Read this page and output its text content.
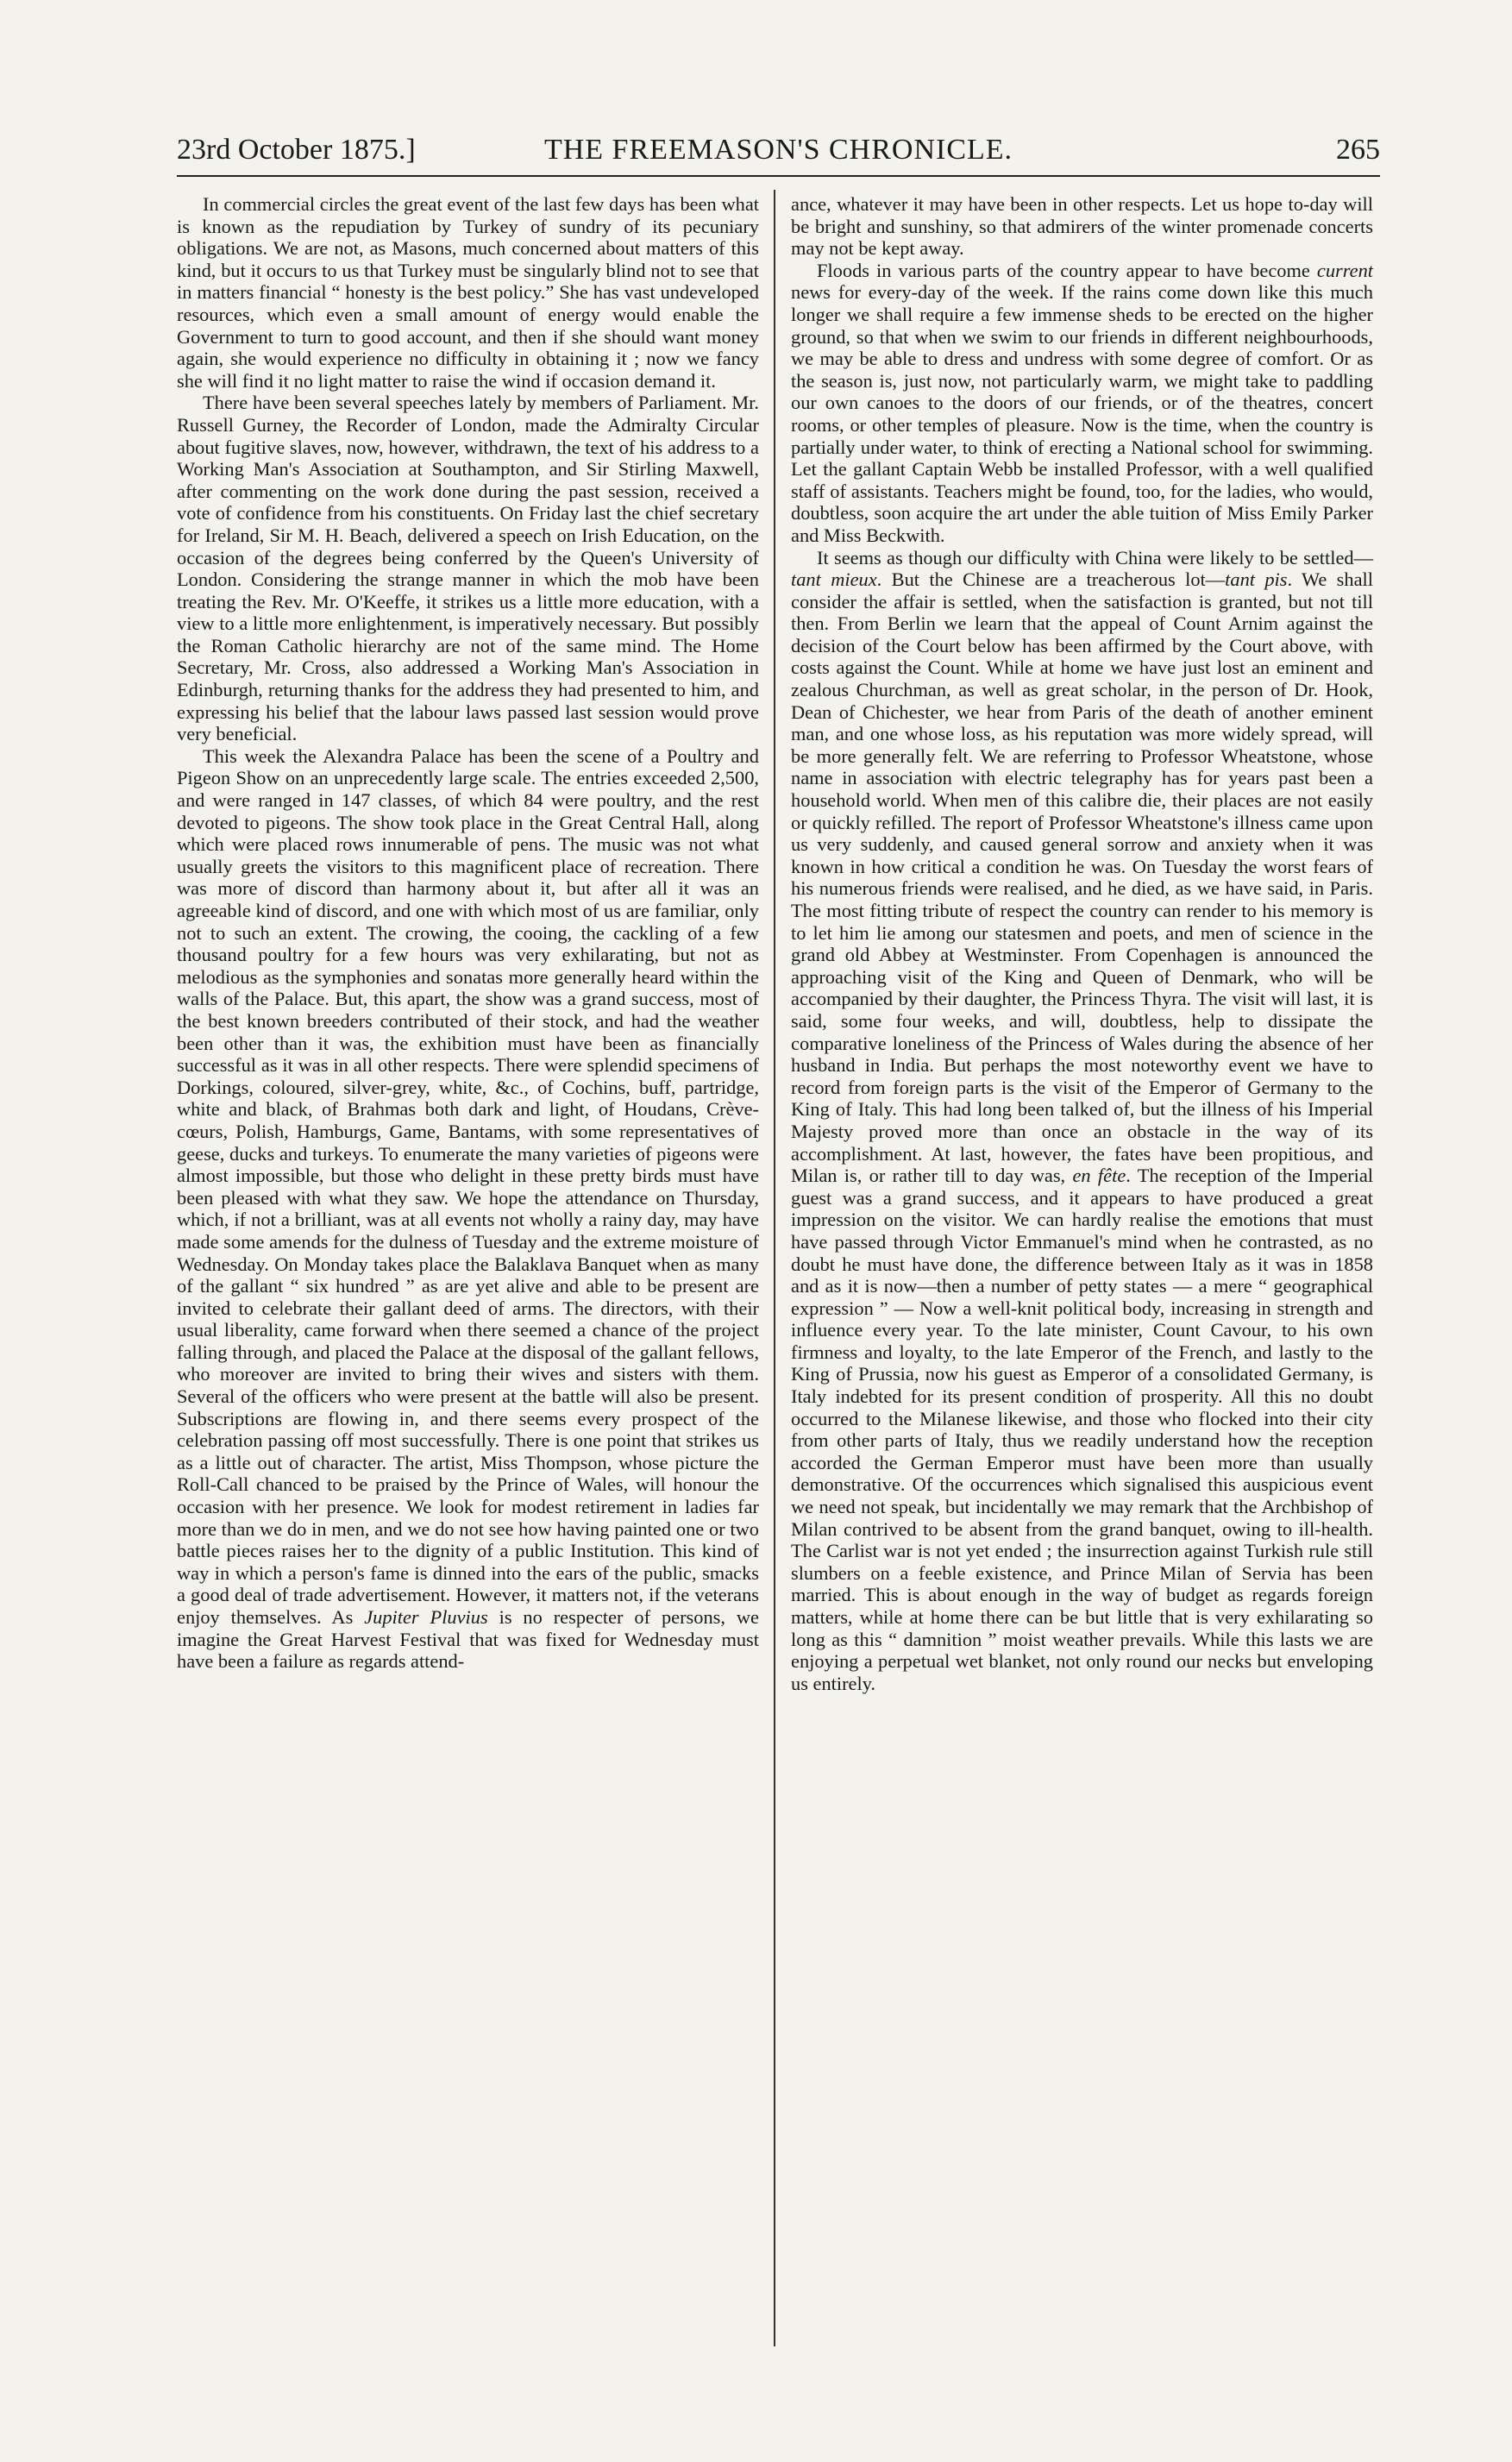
23rd October 1875.]	THE FREEMASON'S CHRONICLE.	265

In commercial circles the great event of the last few days has been what is known as the repudiation by Turkey of sundry of its pecuniary obligations. We are not, as Masons, much concerned about matters of this kind, but it occurs to us that Turkey must be singularly blind not to see that in matters financial “ honesty is the best policy.” She has vast undeveloped resources, which even a small amount of energy would enable the Government to turn to good account, and then if she should want money again, she would experience no difficulty in obtaining it ; now we fancy she will find it no light matter to raise the wind if occasion demand it.

There have been several speeches lately by members of Parliament. Mr. Russell Gurney, the Recorder of London, made the Admiralty Circular about fugitive slaves, now, however, withdrawn, the text of his address to a Working Man's Association at Southampton, and Sir Stirling Maxwell, after commenting on the work done during the past session, received a vote of confidence from his constituents. On Friday last the chief secretary for Ireland, Sir M. H. Beach, delivered a speech on Irish Education, on the occasion of the degrees being conferred by the Queen's University of London. Considering the strange manner in which the mob have been treating the Rev. Mr. O'Keeffe, it strikes us a little more education, with a view to a little more enlightenment, is imperatively necessary. But possibly the Roman Catholic hierarchy are not of the same mind. The Home Secretary, Mr. Cross, also addressed a Working Man's Association in Edinburgh, returning thanks for the address they had presented to him, and expressing his belief that the labour laws passed last session would prove very beneficial.

This week the Alexandra Palace has been the scene of a Poultry and Pigeon Show on an unprecedently large scale. The entries exceeded 2,500, and were ranged in 147 classes, of which 84 were poultry, and the rest devoted to pigeons. The show took place in the Great Central Hall, along which were placed rows innumerable of pens. The music was not what usually greets the visitors to this magnificent place of recreation. There was more of discord than harmony about it, but after all it was an agreeable kind of discord, and one with which most of us are familiar, only not to such an extent. The crowing, the cooing, the cackling of a few thousand poultry for a few hours was very exhilarating, but not as melodious as the symphonies and sonatas more generally heard within the walls of the Palace. But, this apart, the show was a grand success, most of the best known breeders contributed of their stock, and had the weather been other than it was, the exhibition must have been as financially successful as it was in all other respects. There were splendid specimens of Dorkings, coloured, silver-grey, white, &c., of Cochins, buff, partridge, white and black, of Brahmas both dark and light, of Houdans, Crève-cœurs, Polish, Hamburgs, Game, Bantams, with some representatives of geese, ducks and turkeys. To enumerate the many varieties of pigeons were almost impossible, but those who delight in these pretty birds must have been pleased with what they saw. We hope the attendance on Thursday, which, if not a brilliant, was at all events not wholly a rainy day, may have made some amends for the dulness of Tuesday and the extreme moisture of Wednesday. On Monday takes place the Balaklava Banquet when as many of the gallant “ six hundred ” as are yet alive and able to be present are invited to celebrate their gallant deed of arms. The directors, with their usual liberality, came forward when there seemed a chance of the project falling through, and placed the Palace at the disposal of the gallant fellows, who moreover are invited to bring their wives and sisters with them. Several of the officers who were present at the battle will also be present. Subscriptions are flowing in, and there seems every prospect of the celebration passing off most successfully. There is one point that strikes us as a little out of character. The artist, Miss Thompson, whose picture the Roll-Call chanced to be praised by the Prince of Wales, will honour the occasion with her presence. We look for modest retirement in ladies far more than we do in men, and we do not see how having painted one or two battle pieces raises her to the dignity of a public Institution. This kind of way in which a person's fame is dinned into the ears of the public, smacks a good deal of trade advertisement. However, it matters not, if the veterans enjoy themselves. As Jupiter Pluvius is no respecter of persons, we imagine the Great Harvest Festival that was fixed for Wednesday must have been a failure as regards attend-

ance, whatever it may have been in other respects. Let us hope to-day will be bright and sunshiny, so that admirers of the winter promenade concerts may not be kept away.

Floods in various parts of the country appear to have become current news for every-day of the week. If the rains come down like this much longer we shall require a few immense sheds to be erected on the higher ground, so that when we swim to our friends in different neighbourhoods, we may be able to dress and undress with some degree of comfort. Or as the season is, just now, not particularly warm, we might take to paddling our own canoes to the doors of our friends, or of the theatres, concert rooms, or other temples of pleasure. Now is the time, when the country is partially under water, to think of erecting a National school for swimming. Let the gallant Captain Webb be installed Professor, with a well qualified staff of assistants. Teachers might be found, too, for the ladies, who would, doubtless, soon acquire the art under the able tuition of Miss Emily Parker and Miss Beckwith.

It seems as though our difficulty with China were likely to be settled—tant mieux. But the Chinese are a treacherous lot—tant pis. We shall consider the affair is settled, when the satisfaction is granted, but not till then. From Berlin we learn that the appeal of Count Arnim against the decision of the Court below has been affirmed by the Court above, with costs against the Count. While at home we have just lost an eminent and zealous Churchman, as well as great scholar, in the person of Dr. Hook, Dean of Chichester, we hear from Paris of the death of another eminent man, and one whose loss, as his reputation was more widely spread, will be more generally felt. We are referring to Professor Wheatstone, whose name in association with electric telegraphy has for years past been a household world. When men of this calibre die, their places are not easily or quickly refilled. The report of Professor Wheatstone's illness came upon us very suddenly, and caused general sorrow and anxiety when it was known in how critical a condition he was. On Tuesday the worst fears of his numerous friends were realised, and he died, as we have said, in Paris. The most fitting tribute of respect the country can render to his memory is to let him lie among our statesmen and poets, and men of science in the grand old Abbey at Westminster. From Copenhagen is announced the approaching visit of the King and Queen of Denmark, who will be accompanied by their daughter, the Princess Thyra. The visit will last, it is said, some four weeks, and will, doubtless, help to dissipate the comparative loneliness of the Princess of Wales during the absence of her husband in India. But perhaps the most noteworthy event we have to record from foreign parts is the visit of the Emperor of Germany to the King of Italy. This had long been talked of, but the illness of his Imperial Majesty proved more than once an obstacle in the way of its accomplishment. At last, however, the fates have been propitious, and Milan is, or rather till to day was, en fête. The reception of the Imperial guest was a grand success, and it appears to have produced a great impression on the visitor. We can hardly realise the emotions that must have passed through Victor Emmanuel's mind when he contrasted, as no doubt he must have done, the difference between Italy as it was in 1858 and as it is now—then a number of petty states — a mere “ geographical expression ” — Now a well-knit political body, increasing in strength and influence every year. To the late minister, Count Cavour, to his own firmness and loyalty, to the late Emperor of the French, and lastly to the King of Prussia, now his guest as Emperor of a consolidated Germany, is Italy indebted for its present condition of prosperity. All this no doubt occurred to the Milanese likewise, and those who flocked into their city from other parts of Italy, thus we readily understand how the reception accorded the German Emperor must have been more than usually demonstrative. Of the occurrences which signalised this auspicious event we need not speak, but incidentally we may remark that the Archbishop of Milan contrived to be absent from the grand banquet, owing to ill-health. The Carlist war is not yet ended ; the insurrection against Turkish rule still slumbers on a feeble existence, and Prince Milan of Servia has been married. This is about enough in the way of budget as regards foreign matters, while at home there can be but little that is very exhilarating so long as this “ damnition ” moist weather prevails. While this lasts we are enjoying a perpetual wet blanket, not only round our necks but enveloping us entirely.
